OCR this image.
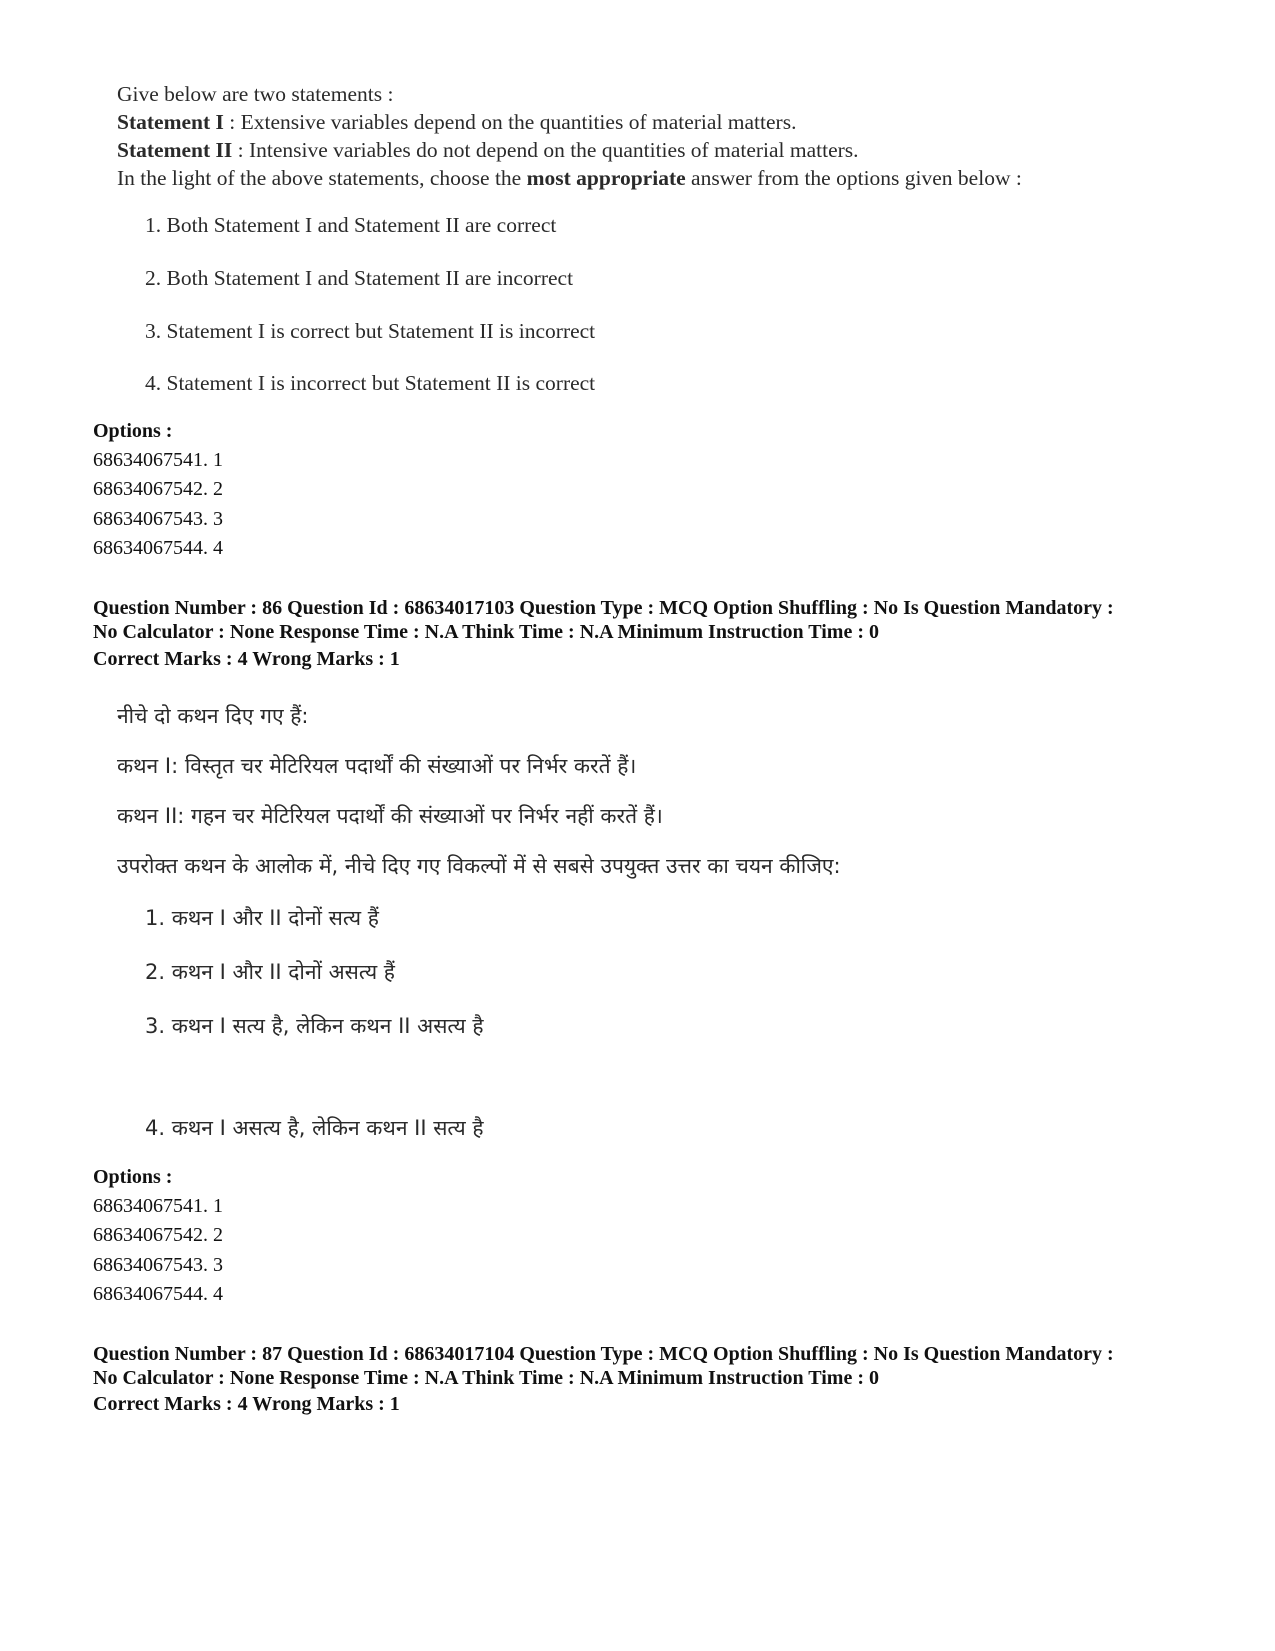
Give below are two statements :
Statement I : Extensive variables depend on the quantities of material matters.
Statement II : Intensive variables do not depend on the quantities of material matters.
In the light of the above statements, choose the most appropriate answer from the options given below :
1. Both Statement I and Statement II are correct
2. Both Statement I and Statement II are incorrect
3. Statement I is correct but Statement II is incorrect
4. Statement I is incorrect but Statement II is correct
Options :
68634067541. 1
68634067542. 2
68634067543. 3
68634067544. 4
Question Number : 86 Question Id : 68634017103 Question Type : MCQ Option Shuffling : No Is Question Mandatory :
No Calculator : None Response Time : N.A Think Time : N.A Minimum Instruction Time : 0
Correct Marks : 4 Wrong Marks : 1
नीचे दो कथन दिए गए हैं:
कथन I: विस्तृत चर मेटिरियल पदार्थों की संख्याओं पर निर्भर करतें हैं।
कथन II: गहन चर मेटिरियल पदार्थों की संख्याओं पर निर्भर नहीं करतें हैं।
उपरोक्त कथन के आलोक में, नीचे दिए गए विकल्पों में से सबसे उपयुक्त उत्तर का चयन कीजिए:
1. कथन I और II दोनों सत्य हैं
2. कथन I और II दोनों असत्य हैं
3. कथन I सत्य है, लेकिन कथन II असत्य है
4. कथन I असत्य है, लेकिन कथन II सत्य है
Options :
68634067541. 1
68634067542. 2
68634067543. 3
68634067544. 4
Question Number : 87 Question Id : 68634017104 Question Type : MCQ Option Shuffling : No Is Question Mandatory :
No Calculator : None Response Time : N.A Think Time : N.A Minimum Instruction Time : 0
Correct Marks : 4 Wrong Marks : 1
